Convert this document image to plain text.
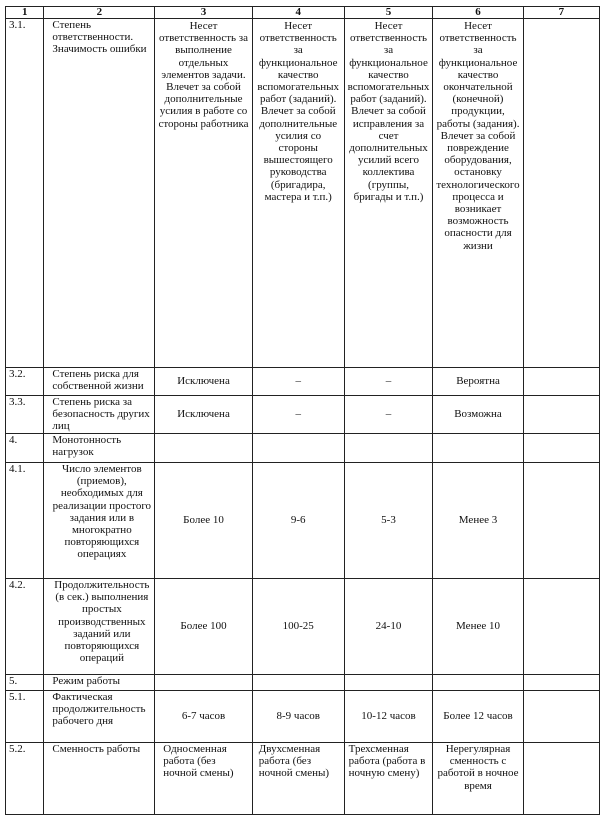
1	2	3	4	5	6	7
3.1.	Степень ответственности. Значимость ошибки	Несет ответственность за выполнение отдельных элементов задачи. Влечет за собой дополнительные усилия в работе со стороны работника	Несет ответственность за функциональное качество вспомогательных работ (заданий). Влечет за собой дополнительные усилия со стороны вышестоящего руководства (бригадира, мастера и т.п.)	Несет ответственность за функциональное качество вспомогательных работ (заданий). Влечет за собой исправления за счет дополнительных усилий всего коллектива (группы, бригады и т.п.)	Несет ответственность за функциональное качество окончательной (конечной) продукции, работы (задания). Влечет за собой повреждение оборудования, остановку технологического процесса и возникает возможность опасности для жизни	
3.2.	Степень риска для собственной жизни	Исключена	–	–	Вероятна	
3.3.	Степень риска за безопасность других лиц	Исключена	–	–	Возможна	
4.	Монотонность нагрузок					
4.1.	Число элементов (приемов), необходимых для реализации простого задания или в многократно повторяющихся операциях	Более 10	9-6	5-3	Менее 3	
4.2.	Продолжительность (в сек.) выполнения простых производственных заданий или повторяющихся операций	Более 100	100-25	24-10	Менее 10	
5.	Режим работы					
5.1.	Фактическая продолжительность рабочего дня	6-7 часов	8-9 часов	10-12 часов	Более 12 часов	
5.2.	Сменность работы	Односменная работа (без ночной смены)	Двухсменная работа (без ночной смены)	Трехсменная работа (работа в ночную смену)	Нерегулярная сменность с работой в ночное время	
